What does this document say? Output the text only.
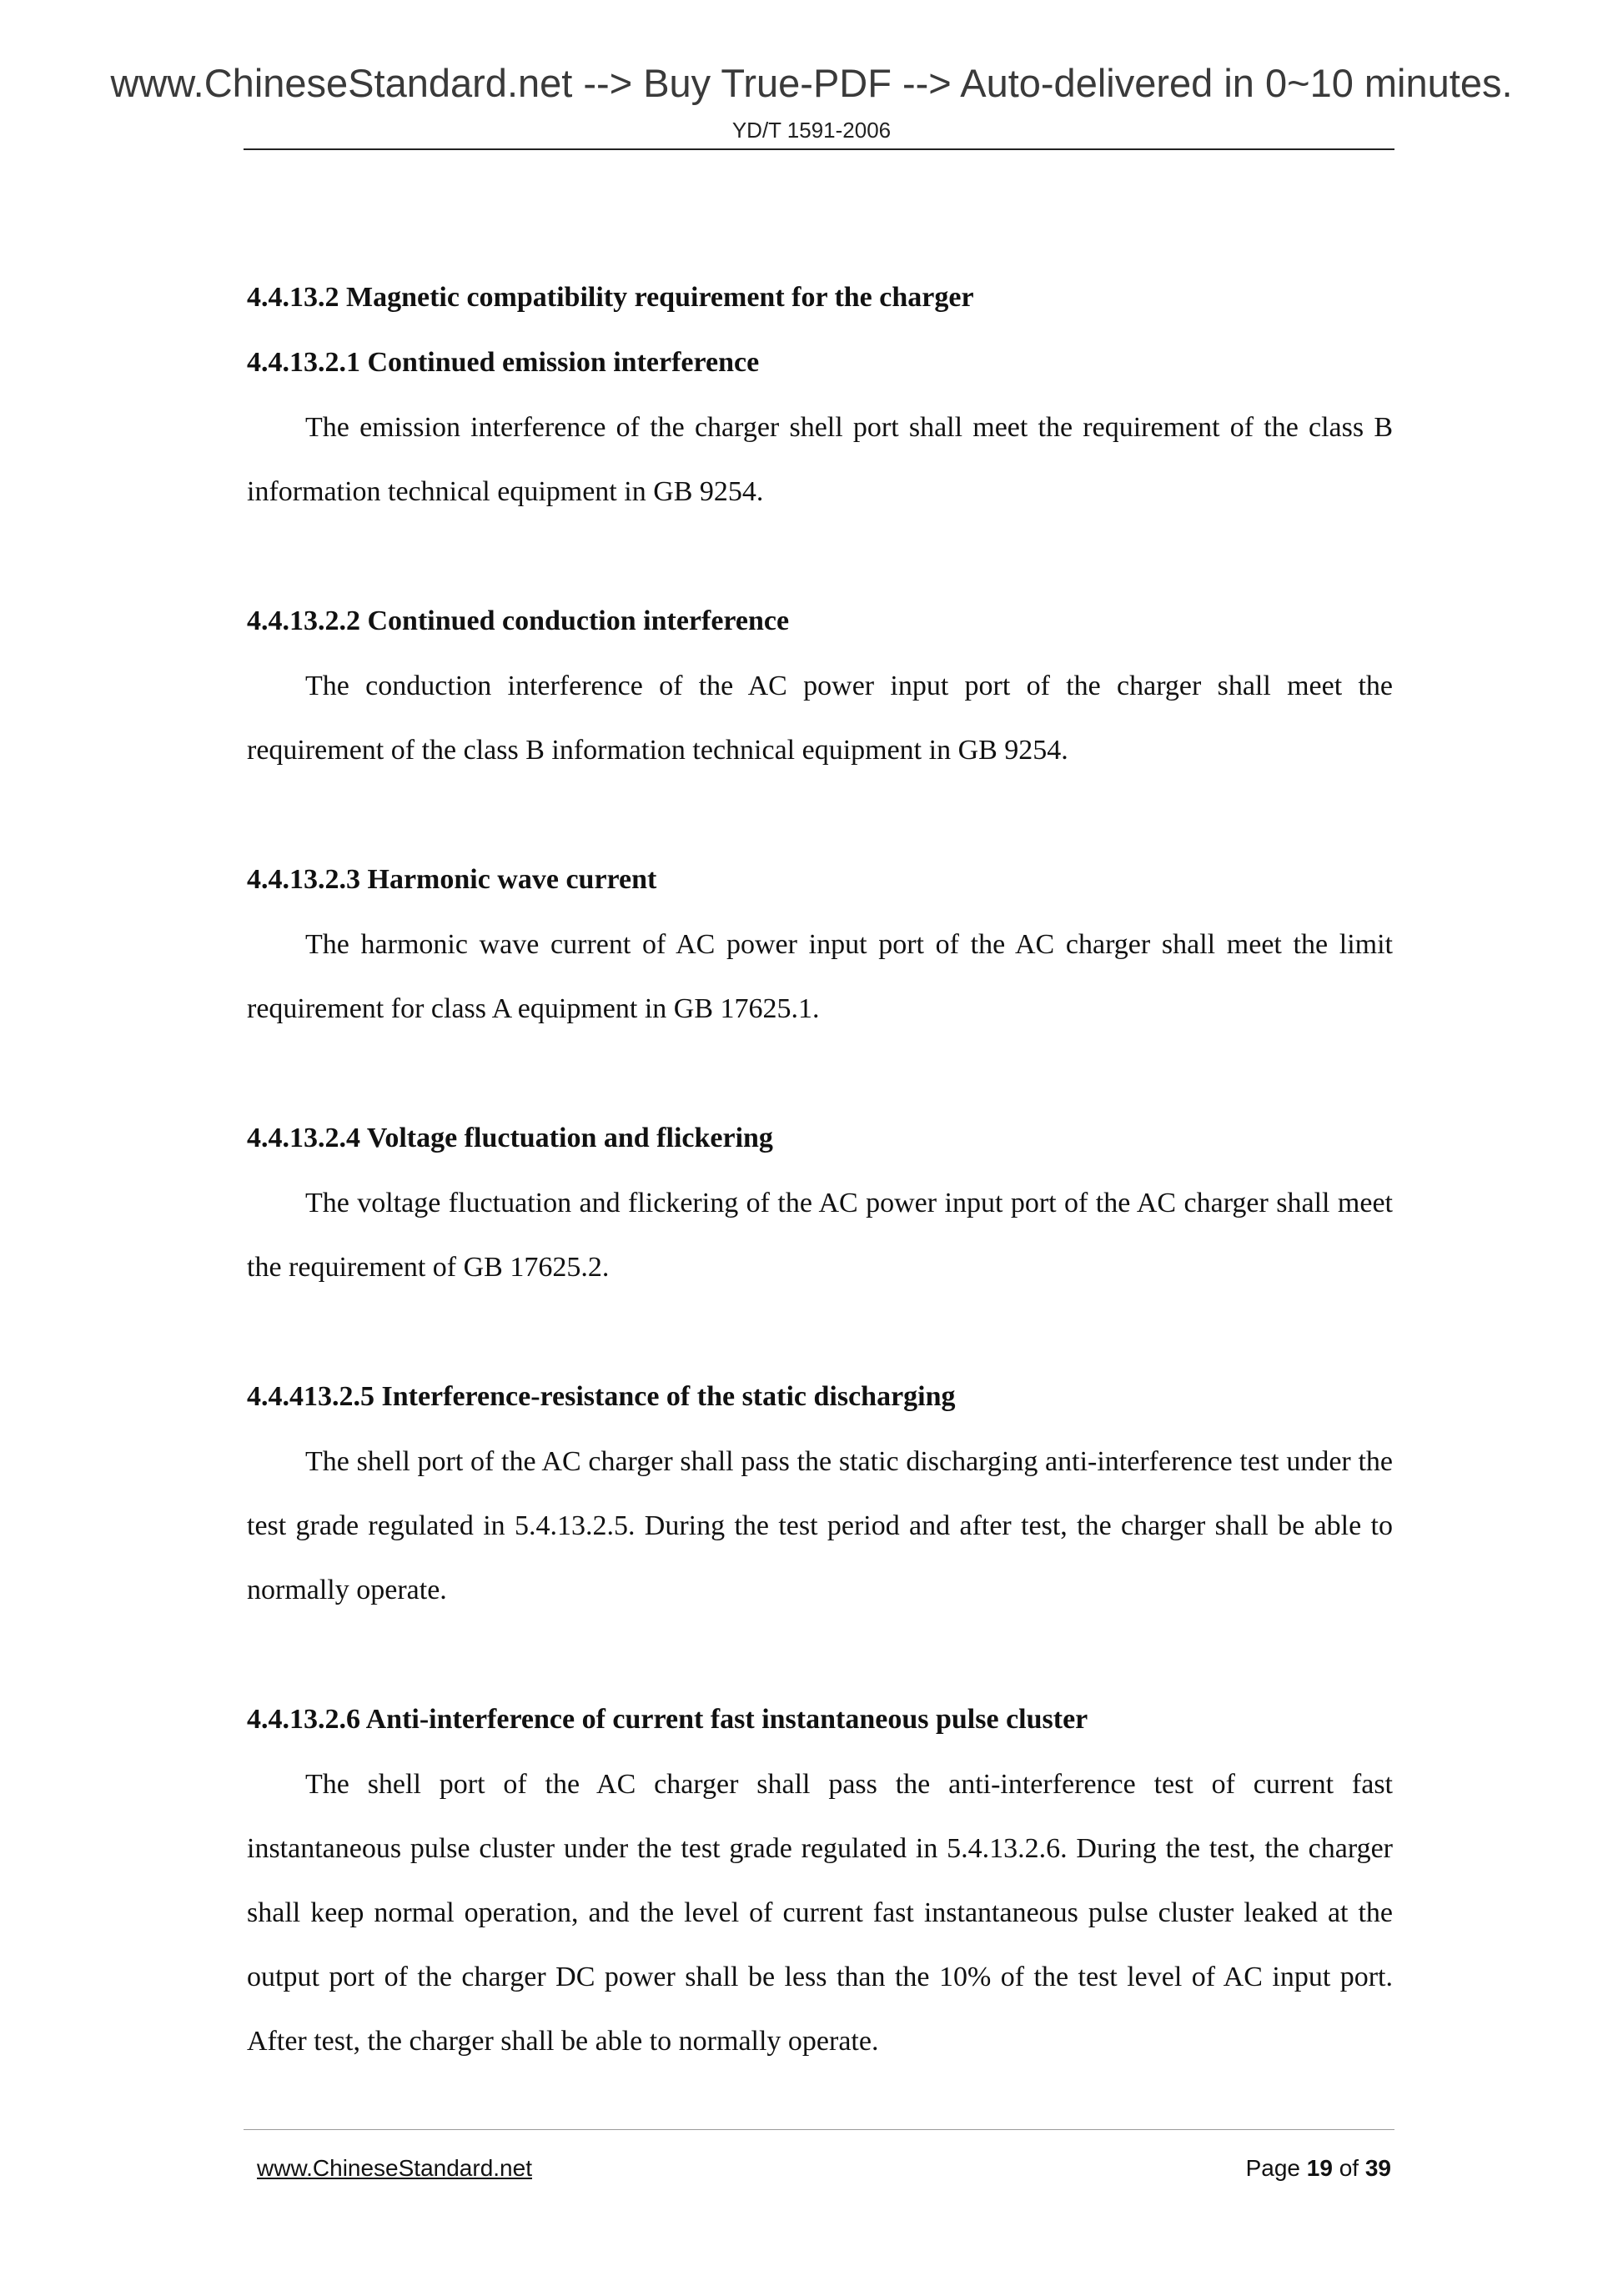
www.ChineseStandard.net --> Buy True-PDF --> Auto-delivered in 0~10 minutes.
YD/T 1591-2006
4.4.13.2 Magnetic compatibility requirement for the charger
4.4.13.2.1 Continued emission interference

The emission interference of the charger shell port shall meet the requirement of the class B information technical equipment in GB 9254.

4.4.13.2.2 Continued conduction interference

The conduction interference of the AC power input port of the charger shall meet the requirement of the class B information technical equipment in GB 9254.

4.4.13.2.3 Harmonic wave current

The harmonic wave current of AC power input port of the AC charger shall meet the limit requirement for class A equipment in GB 17625.1.

4.4.13.2.4 Voltage fluctuation and flickering

The voltage fluctuation and flickering of the AC power input port of the AC charger shall meet the requirement of GB 17625.2.

4.4.413.2.5 Interference-resistance of the static discharging

The shell port of the AC charger shall pass the static discharging anti-interference test under the test grade regulated in 5.4.13.2.5. During the test period and after test, the charger shall be able to normally operate.

4.4.13.2.6 Anti-interference of current fast instantaneous pulse cluster

The shell port of the AC charger shall pass the anti-interference test of current fast instantaneous pulse cluster under the test grade regulated in 5.4.13.2.6. During the test, the charger shall keep normal operation, and the level of current fast instantaneous pulse cluster leaked at the output port of the charger DC power shall be less than the 10% of the test level of AC input port. After test, the charger shall be able to normally operate.

www.ChineseStandard.net	Page 19 of 39
